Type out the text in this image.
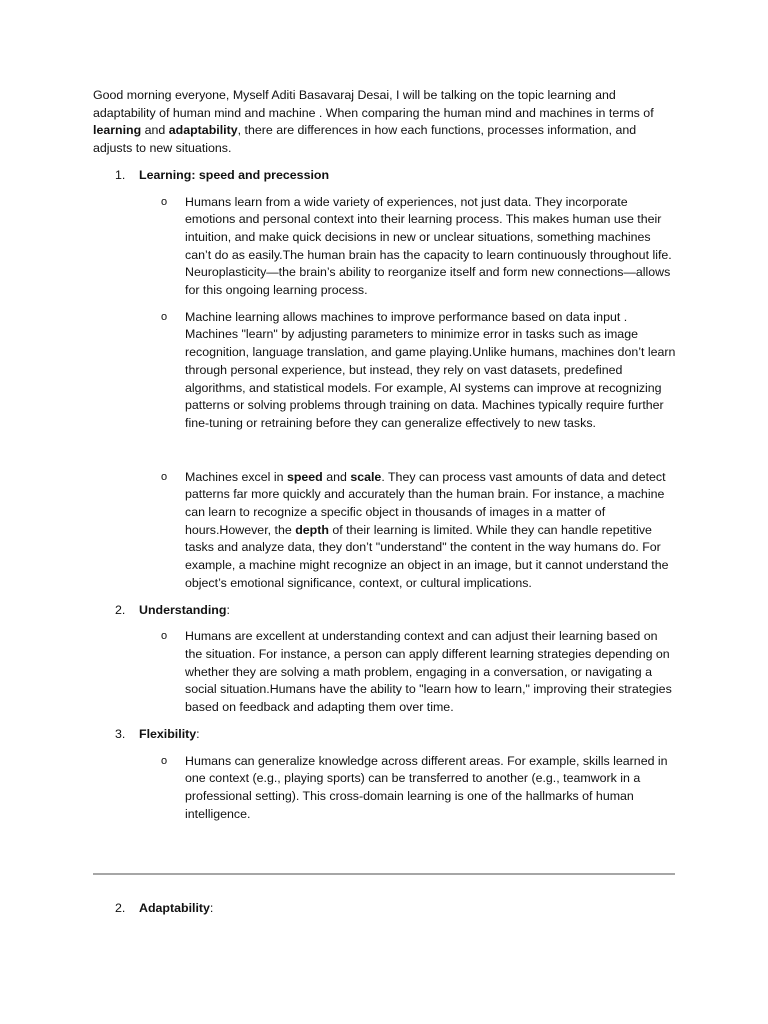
Good morning everyone, Myself Aditi Basavaraj Desai, I will be talking on the topic learning and adaptability of human mind and machine . When comparing the human mind and machines in terms of learning and adaptability, there are differences in how each functions, processes information, and adjusts to new situations.

1. Learning: speed and precession
o Humans learn from a wide variety of experiences, not just data. They incorporate emotions and personal context into their learning process. This makes human use their intuition, and make quick decisions in new or unclear situations, something machines can’t do as easily.The human brain has the capacity to learn continuously throughout life. Neuroplasticity—the brain’s ability to reorganize itself and form new connections—allows for this ongoing learning process.
o Machine learning allows machines to improve performance based on data input . Machines "learn" by adjusting parameters to minimize error in tasks such as image recognition, language translation, and game playing.Unlike humans, machines don’t learn through personal experience, but instead, they rely on vast datasets, predefined algorithms, and statistical models. For example, AI systems can improve at recognizing patterns or solving problems through training on data. Machines typically require further fine-tuning or retraining before they can generalize effectively to new tasks.
o Machines excel in speed and scale. They can process vast amounts of data and detect patterns far more quickly and accurately than the human brain. For instance, a machine can learn to recognize a specific object in thousands of images in a matter of hours.However, the depth of their learning is limited. While they can handle repetitive tasks and analyze data, they don’t "understand" the content in the way humans do. For example, a machine might recognize an object in an image, but it cannot understand the object’s emotional significance, context, or cultural implications.
2. Understanding:
o Humans are excellent at understanding context and can adjust their learning based on the situation. For instance, a person can apply different learning strategies depending on whether they are solving a math problem, engaging in a conversation, or navigating a social situation.Humans have the ability to "learn how to learn," improving their strategies based on feedback and adapting them over time.
3. Flexibility:
o Humans can generalize knowledge across different areas. For example, skills learned in one context (e.g., playing sports) can be transferred to another (e.g., teamwork in a professional setting). This cross-domain learning is one of the hallmarks of human intelligence.
2. Adaptability:
